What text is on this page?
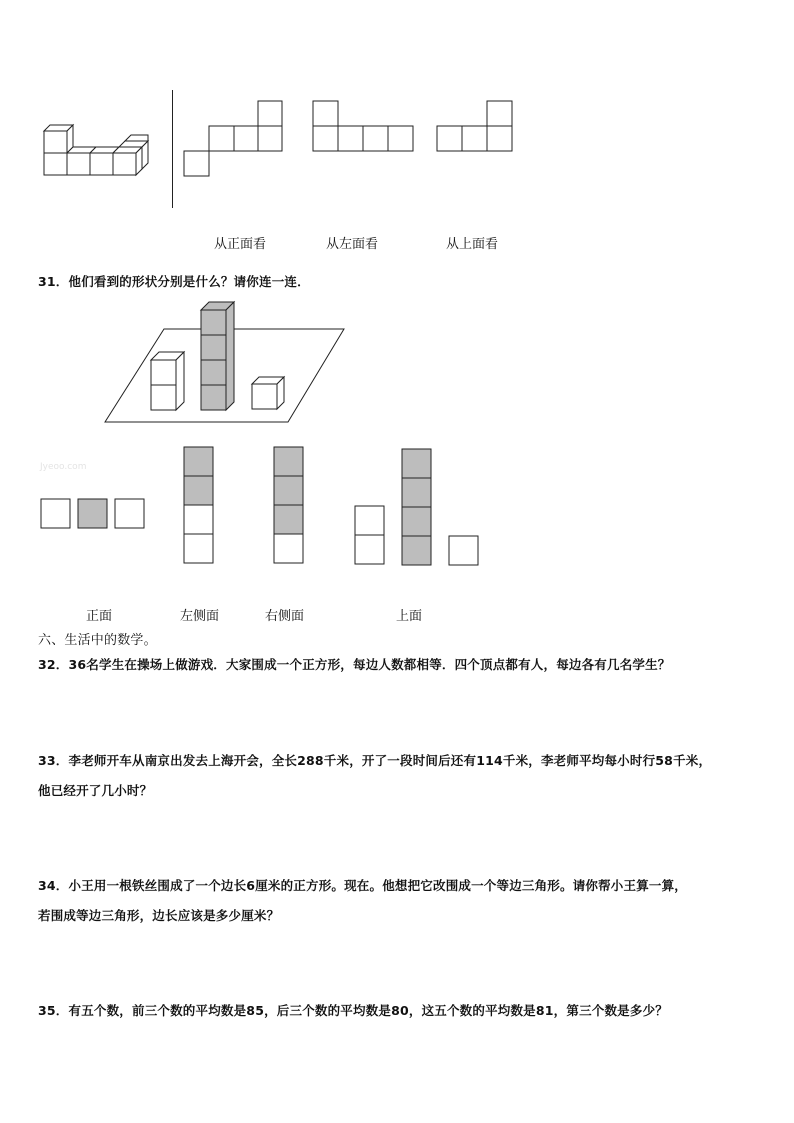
从正面看	从左面看	从上面看
31．他们看到的形状分别是什么？请你连一连．
Jyeoo.com
正面	左侧面	右侧面	上面
六、生活中的数学。
32．36名学生在操场上做游戏．大家围成一个正方形，每边人数都相等．四个顶点都有人，每边各有几名学生？
33．李老师开车从南京出发去上海开会，全长288千米，开了一段时间后还有114千米，李老师平均每小时行58千米，
他已经开了几小时？
34．小王用一根铁丝围成了一个边长6厘米的正方形。现在。他想把它改围成一个等边三角形。请你帮小王算一算，
若围成等边三角形，边长应该是多少厘米？
35．有五个数，前三个数的平均数是85，后三个数的平均数是80，这五个数的平均数是81，第三个数是多少？
